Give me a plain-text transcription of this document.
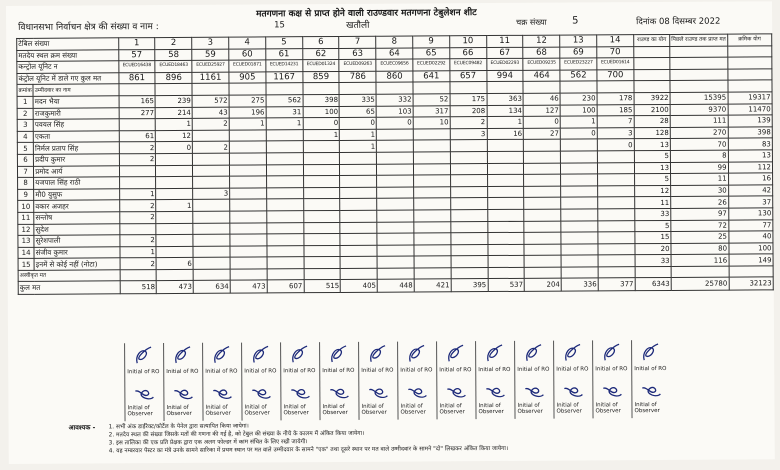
मतगणना कक्ष से प्राप्त होने वाली राउण्डवार मतगणना टेबुलेशन शीट
विधानसभा निर्वाचन क्षेत्र की संख्या व नाम :	15	खतौली	चक्र संख्या	5	दिनांक 08 दिसम्बर 2022
टेबिल संख्या		1	2	3	4	5	6	7	8	9	10	11	12	13	14	राउण्ड का योग	पिछले राउण्ड तक प्राप्त मत	क्रमिक योग
मतदेय स्थल क्रम संख्या		57	58	59	60	61	62	63	64	65	66	67	68	69	70			
कन्ट्रोल यूनिट न		ECUED16438	ECUED18463	ECUED25927	ECUED01871	ECUED14231	ECUED01324	ECUED09263	ECUEC09656	ECUED02292	ECUEC09482	ECUED02293	ECUED09235	ECUED23227	ECUED01614			
कंट्रोल यूनिट में डाले गए कुल मत		861	896	1161	905	1167	859	786	860	641	657	994	464	562	700			
क्रमांक	उम्मीदवार का नाम																	
1	मदन भैया	165	239	572	275	562	398	335	332	52	175	363	46	230	178	3922	15395	19317
2	राजकुमारी	277	214	43	196	31	100	65	103	317	208	134	127	100	185	2100	9370	11470
3	पवयल सिंह		1	2	1	1	0	0	0	10	2	1	0	1	7	28	111	139
4	एकता	61	12				1	1			3	16	27	0	3	128	270	398
5	निर्मल प्रताप सिंह	2	0	2				1							0	13	70	83
6	प्रदीप कुमार	2														5	8	13
7	प्रमोद आर्य															13	99	112
8	यजपाल सिंह राठी															5	11	16
9	मौ0 युसुफ	1		3												12	30	42
10	वकार अजहर	2	1													11	26	37
11	सन्तोष	2														33	97	130
12	सुदेश															5	72	77
13	सुरेशपाली	2														15	25	40
14	संजीव कुमार	1														20	80	100
15	इनमें से कोई नहीं (नोटा)	2	6													33	116	149
अस्वीकृत मत																		
कुल मत		518	473	634	473	607	515	405	448	421	395	537	204	336	377	6343	25780	32123
Initial of RO
Initial of Observer
Initial of RO
Initial of Observer
Initial of RO
Initial of Observer
Initial of RO
Initial of Observer
Initial of RO
Initial of Observer
Initial of RO
Initial of Observer
Initial of RO
Initial of Observer
Initial of RO
Initial of Observer
Initial of RO
Initial of Observer
Initial of RO
Initial of Observer
Initial of RO
Initial of Observer
Initial of RO
Initial of Observer
Initial of RO
Initial of Observer
Initial of RO
Initial of Observer
आवश्यक -	1. सभी अंक डाईरेक्ट/कोर्टेल के पेनेल द्वारा सत्यापित किया जायेगा।
2. मतदेय स्थल की संख्या जिसके मतों की गणना की गई है, को टेबुल की संख्या के नीचे के कालम में अंकित किया जायेगा।
3. इस तालिका की एक प्रति प्रेक्षक द्वारा एक अलग फोल्डर में काम संचित के लिए रखी जायेगी।
4. यह नम्बरवार पेस्टर का मंत्रे उनके सामने सारिका में प्रथम स्थान पर मत वाले उम्मीदवार के सामने "एक" तथा दूसरे स्थान पर मत वाले उम्मीदवार के सामने "दो" लिखकर अंकित किया जायेगा।
